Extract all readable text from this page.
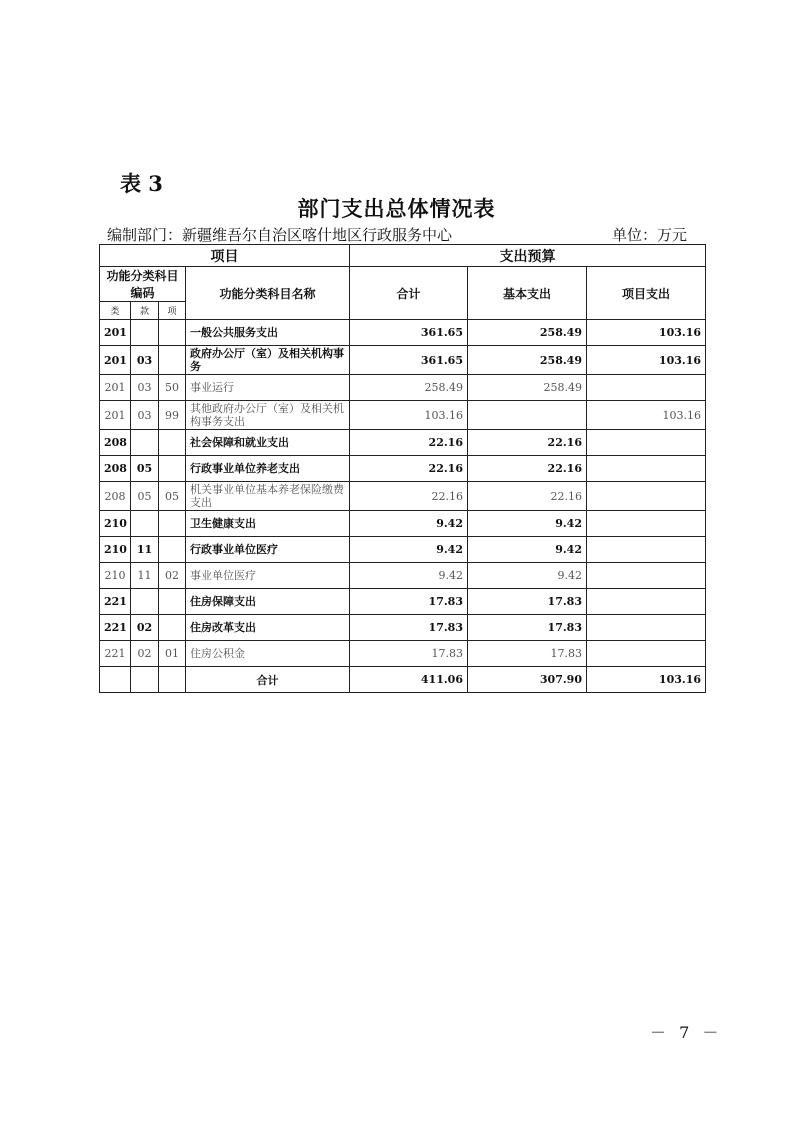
表 3
部门支出总体情况表
编制部门：新疆维吾尔自治区喀什地区行政服务中心	单位：万元
项目				支出预算		
功能分类科目编码			功能分类科目名称	合计	基本支出	项目支出
类	款	项				
201			一般公共服务支出	361.65	258.49	103.16
201	03		政府办公厅（室）及相关机构事务	361.65	258.49	103.16
201	03	50	事业运行	258.49	258.49	
201	03	99	其他政府办公厅（室）及相关机构事务支出	103.16		103.16
208			社会保障和就业支出	22.16	22.16	
208	05		行政事业单位养老支出	22.16	22.16	
208	05	05	机关事业单位基本养老保险缴费支出	22.16	22.16	
210			卫生健康支出	9.42	9.42	
210	11		行政事业单位医疗	9.42	9.42	
210	11	02	事业单位医疗	9.42	9.42	
221			住房保障支出	17.83	17.83	
221	02		住房改革支出	17.83	17.83	
221	02	01	住房公积金	17.83	17.83	
			合计	411.06	307.90	103.16
－ 7 －
